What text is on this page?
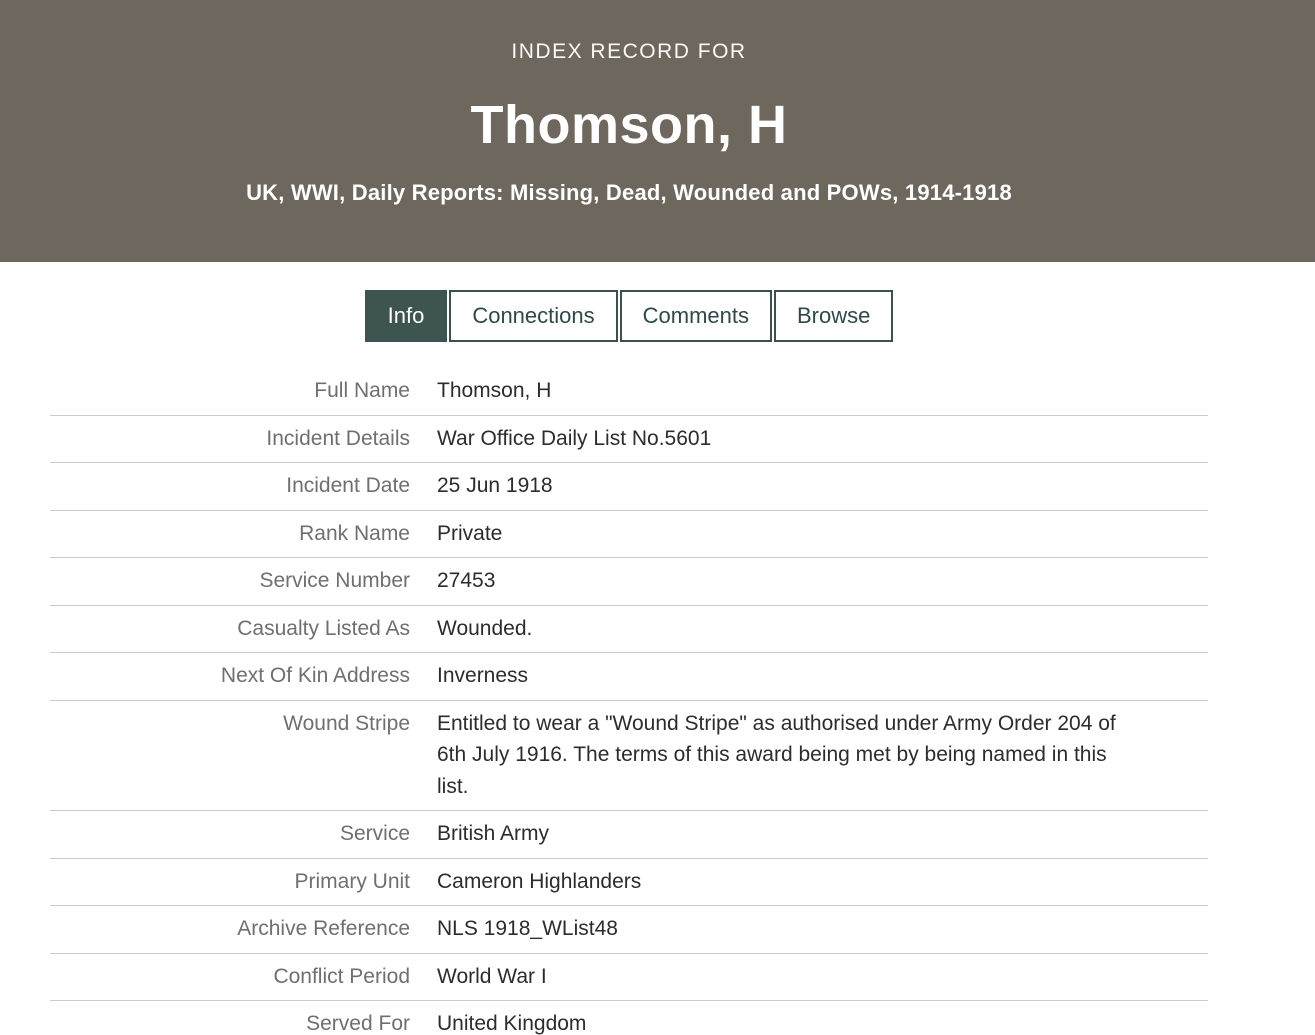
INDEX RECORD FOR
Thomson, H
UK, WWI, Daily Reports: Missing, Dead, Wounded and POWs, 1914-1918
Info	Connections	Comments	Browse
Full Name	Thomson, H
Incident Details	War Office Daily List No.5601
Incident Date	25 Jun 1918
Rank Name	Private
Service Number	27453
Casualty Listed As	Wounded.
Next Of Kin Address	Inverness
Wound Stripe	Entitled to wear a "Wound Stripe" as authorised under Army Order 204 of 6th July 1916. The terms of this award being met by being named in this list.
Service	British Army
Primary Unit	Cameron Highlanders
Archive Reference	NLS 1918_WList48
Conflict Period	World War I
Served For	United Kingdom
